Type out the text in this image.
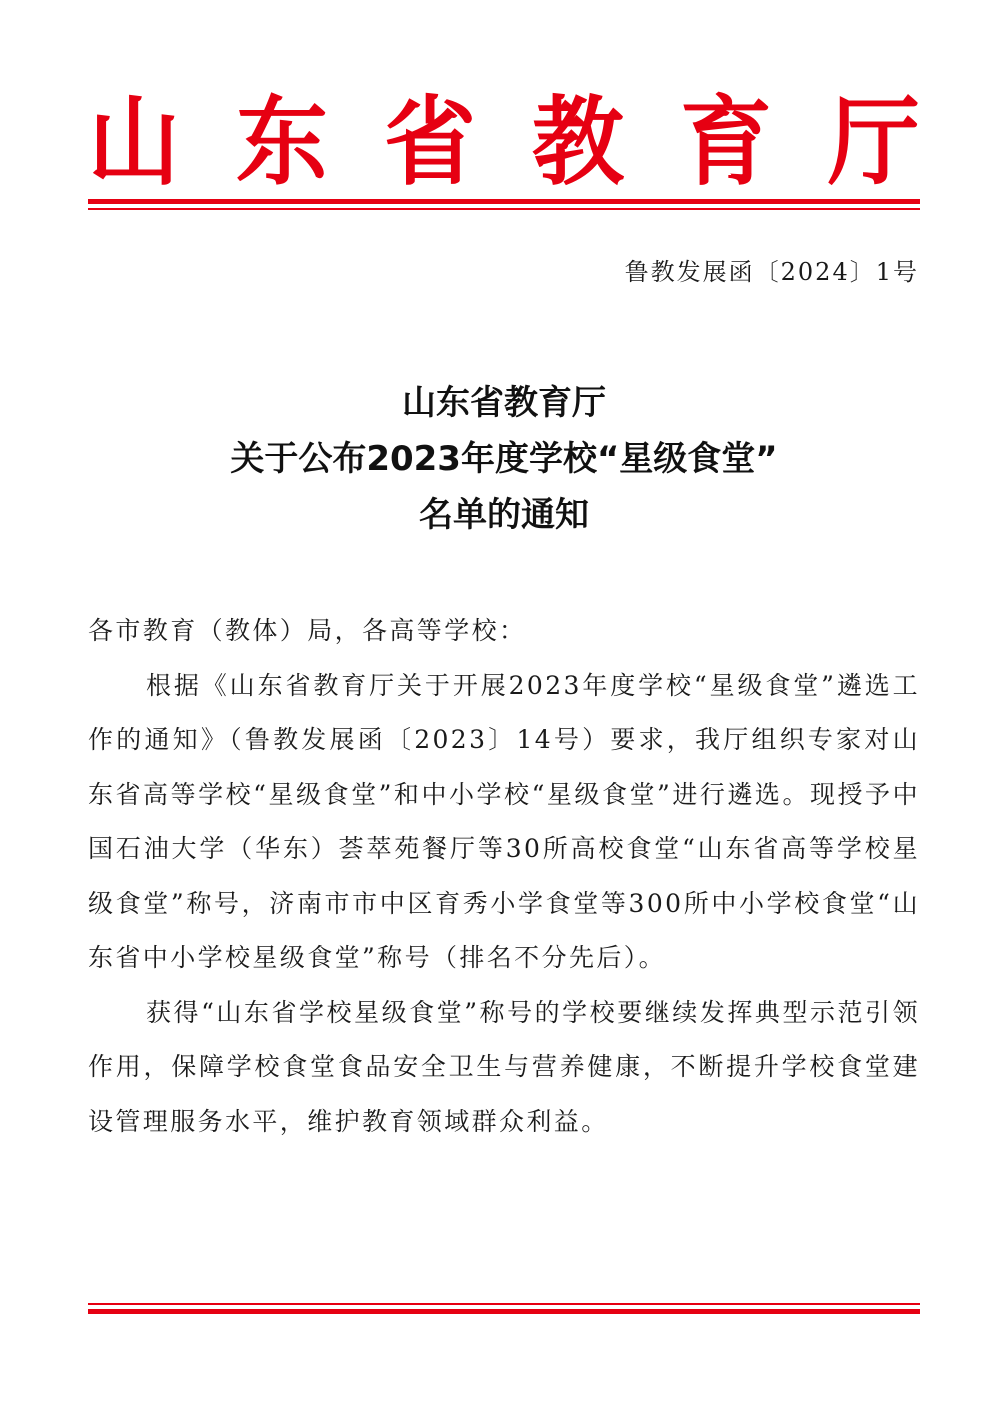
山 东 省 教 育 厅
鲁教发展函〔2024〕1号
山东省教育厅
关于公布2023年度学校“星级食堂”
名单的通知

各市教育（教体）局，各高等学校：

根据《山东省教育厅关于开展2023年度学校“星级食堂”遴选工作的通知》（鲁教发展函〔2023〕14号）要求，我厅组织专家对山东省高等学校“星级食堂”和中小学校“星级食堂”进行遴选。现授予中国石油大学（华东）荟萃苑餐厅等30所高校食堂“山东省高等学校星级食堂”称号，济南市市中区育秀小学食堂等300所中小学校食堂“山东省中小学校星级食堂”称号（排名不分先后）。

获得“山东省学校星级食堂”称号的学校要继续发挥典型示范引领作用，保障学校食堂食品安全卫生与营养健康，不断提升学校食堂建设管理服务水平，维护教育领域群众利益。
